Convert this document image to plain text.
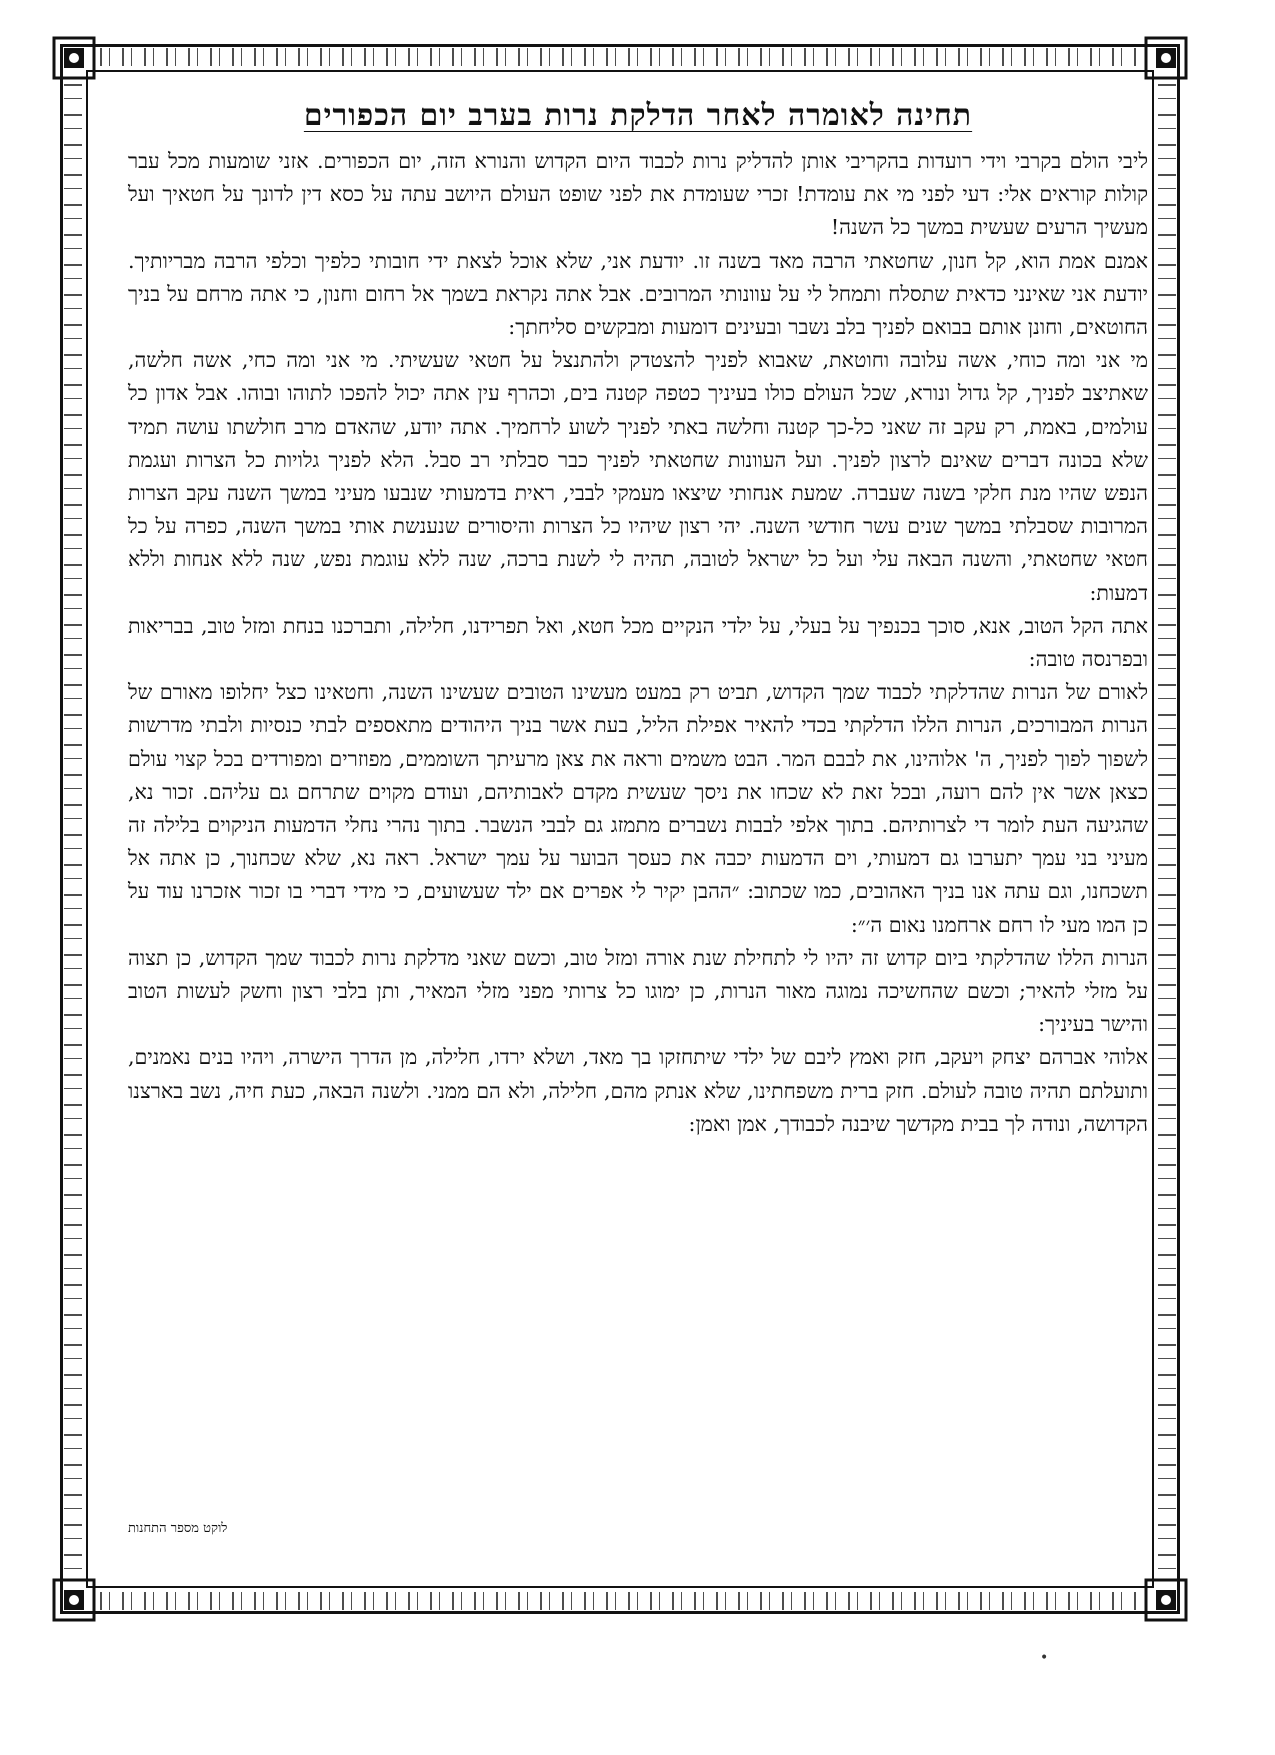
תחינה לאומרה לאחר הדלקת נרות בערב יום הכפורים

ליבי הולם בקרבי וידי רועדות בהקריבי אותן להדליק נרות לכבוד היום הקדוש והנורא הזה, יום הכפורים. אזני שומעות מכל עבר קולות קוראים אלי: דעי לפני מי את עומדת! זכרי שעומדת את לפני שופט העולם היושב עתה על כסא דין לדונך על חטאיך ועל מעשיך הרעים שעשית במשך כל השנה!

אמנם אמת הוא, קל חנון, שחטאתי הרבה מאד בשנה זו. יודעת אני, שלא אוכל לצאת ידי חובותי כלפיך וכלפי הרבה מבריותיך. יודעת אני שאינני כדאית שתסלח ותמחל לי על עוונותי המרובים. אבל אתה נקראת בשמך אל רחום וחנון, כי אתה מרחם על בניך החוטאים, וחונן אותם בבואם לפניך בלב נשבר ובעינים דומעות ומבקשים סליחתך:

מי אני ומה כוחי, אשה עלובה וחוטאת, שאבוא לפניך להצטדק ולהתנצל על חטאי שעשיתי. מי אני ומה כחי, אשה חלשה, שאתיצב לפניך, קל גדול ונורא, שכל העולם כולו בעיניך כטפה קטנה בים, וכהרף עין אתה יכול להפכו לתוהו ובוהו. אבל אדון כל עולמים, באמת, רק עקב זה שאני כל-כך קטנה וחלשה באתי לפניך לשוע לרחמיך. אתה יודע, שהאדם מרב חולשתו עושה תמיד שלא בכונה דברים שאינם לרצון לפניך. ועל העוונות שחטאתי לפניך כבר סבלתי רב סבל. הלא לפניך גלויות כל הצרות ועגמת הנפש שהיו מנת חלקי בשנה שעברה. שמעת אנחותי שיצאו מעמקי לבבי, ראית בדמעותי שנבעו מעיני במשך השנה עקב הצרות המרובות שסבלתי במשך שנים עשר חודשי השנה. יהי רצון שיהיו כל הצרות והיסורים שנענשת אותי במשך השנה, כפרה על כל חטאי שחטאתי, והשנה הבאה עלי ועל כל ישראל לטובה, תהיה לי לשנת ברכה, שנה ללא עוגמת נפש, שנה ללא אנחות וללא דמעות:

אתה הקל הטוב, אנא, סוכך בכנפיך על בעלי, על ילדי הנקיים מכל חטא, ואל תפרידנו, חלילה, ותברכנו בנחת ומזל טוב, בבריאות ובפרנסה טובה:

לאורם של הנרות שהדלקתי לכבוד שמך הקדוש, תביט רק במעט מעשינו הטובים שעשינו השנה, וחטאינו כצל יחלופו מאורם של הנרות המבורכים, הנרות הללו הדלקתי בכדי להאיר אפילת הליל, בעת אשר בניך היהודים מתאספים לבתי כנסיות ולבתי מדרשות לשפוך לפוך לפניך, ה' אלוהינו, את לבבם המר. הבט משמים וראה את צאן מרעיתך השוממים, מפוזרים ומפורדים בכל קצוי עולם כצאן אשר אין להם רועה, ובכל זאת לא שכחו את ניסך שעשית מקדם לאבותיהם, ועודם מקוים שתרחם גם עליהם. זכור נא, שהגיעה העת לומר די לצרותיהם. בתוך אלפי לבבות נשברים מתמזג גם לבבי הנשבר. בתוך נהרי נחלי הדמעות הניקוים בלילה זה מעיני בני עמך יתערבו גם דמעותי, וים הדמעות יכבה את כעסך הבוער על עמך ישראל. ראה נא, שלא שכחנוך, כן אתה אל תשכחנו, וגם עתה אנו בניך האהובים, כמו שכתוב: ״ההבן יקיר לי אפרים אם ילד שעשועים, כי מידי דברי בו זכור אזכרנו עוד על כן המו מעי לו רחם ארחמנו נאום ה׳״:

הנרות הללו שהדלקתי ביום קדוש זה יהיו לי לתחילת שנת אורה ומזל טוב, וכשם שאני מדלקת נרות לכבוד שמך הקדוש, כן תצוה על מזלי להאיר; וכשם שהחשיכה נמוגה מאור הנרות, כן ימוגו כל צרותי מפני מזלי המאיר, ותן בלבי רצון וחשק לעשות הטוב והישר בעיניך:

אלוהי אברהם יצחק ויעקב, חזק ואמץ ליבם של ילדי שיתחזקו בך מאד, ושלא ירדו, חלילה, מן הדרך הישרה, ויהיו בנים נאמנים, ותועלתם תהיה טובה לעולם. חזק ברית משפחתינו, שלא אנתק מהם, חלילה, ולא הם ממני. ולשנה הבאה, כעת חיה, נשב בארצנו הקדושה, ונודה לך בבית מקדשך שיבנה לכבודך, אמן ואמן:

לוקט מספר התחנות
•
